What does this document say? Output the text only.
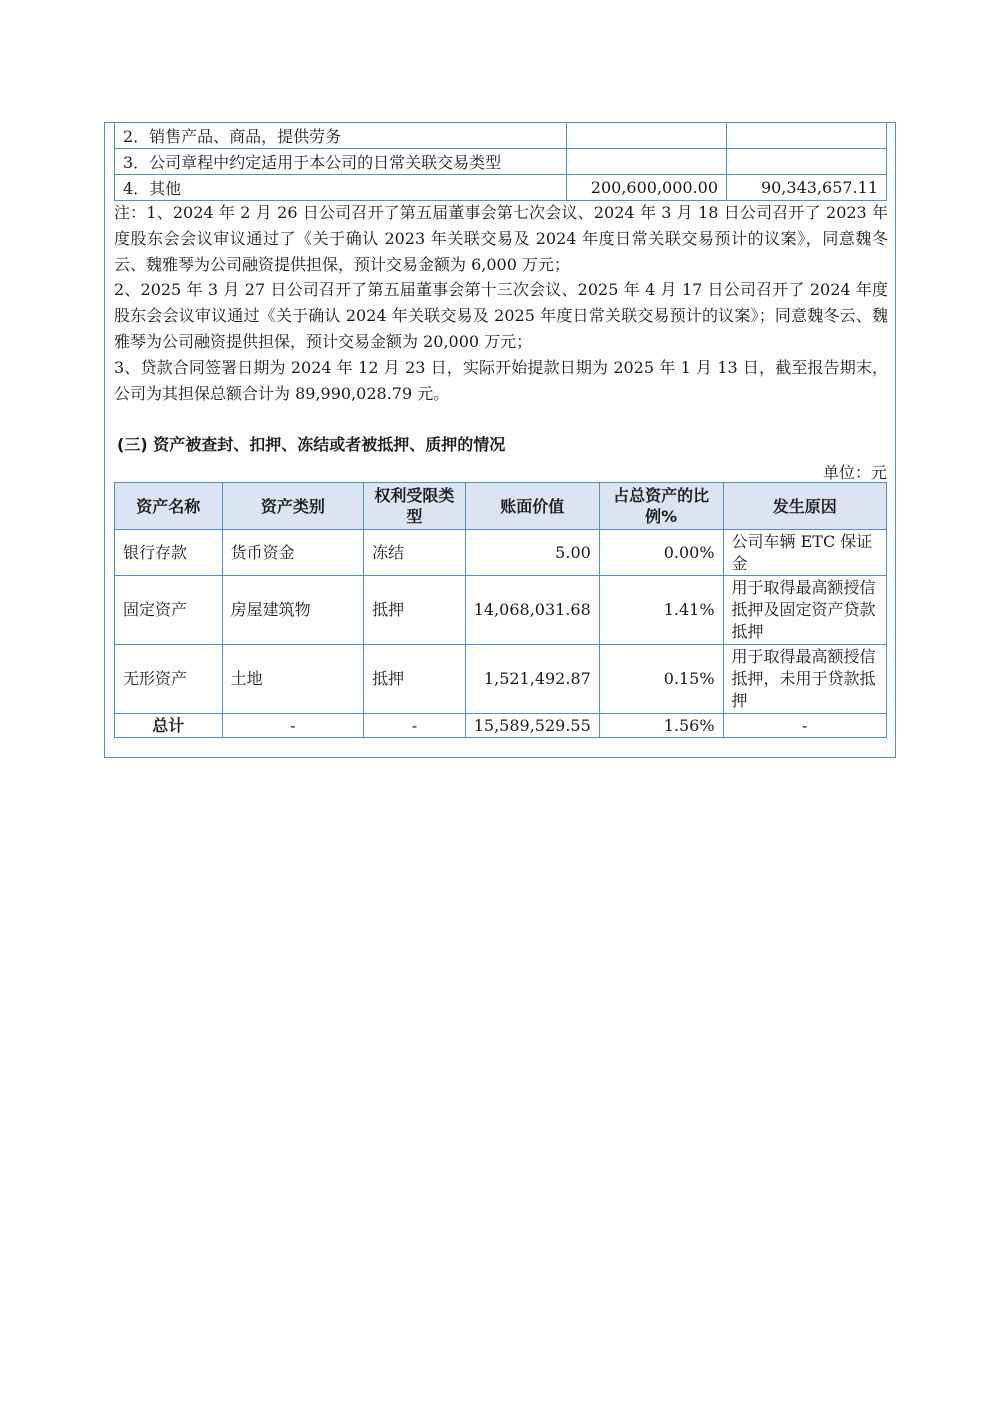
2．销售产品、商品，提供劳务		
3．公司章程中约定适用于本公司的日常关联交易类型		
4．其他	200,600,000.00	90,343,657.11

注：1、2024 年 2 月 26 日公司召开了第五届董事会第七次会议、2024 年 3 月 18 日公司召开了 2023 年度股东会会议审议通过了《关于确认 2023 年关联交易及 2024 年度日常关联交易预计的议案》，同意魏冬云、魏雅琴为公司融资提供担保，预计交易金额为 6,000 万元；

2、2025 年 3 月 27 日公司召开了第五届董事会第十三次会议、2025 年 4 月 17 日公司召开了 2024 年度股东会会议审议通过《关于确认 2024 年关联交易及 2025 年度日常关联交易预计的议案》；同意魏冬云、魏雅琴为公司融资提供担保，预计交易金额为 20,000 万元；

3、贷款合同签署日期为 2024 年 12 月 23 日，实际开始提款日期为 2025 年 1 月 13 日，截至报告期末，公司为其担保总额合计为 89,990,028.79 元。

(三) 资产被查封、扣押、冻结或者被抵押、质押的情况
单位：元
资产名称	资产类别	权利受限类型	账面价值	占总资产的比例%	发生原因
银行存款	货币资金	冻结	5.00	0.00%	公司车辆 ETC 保证金
固定资产	房屋建筑物	抵押	14,068,031.68	1.41%	用于取得最高额授信抵押及固定资产贷款抵押
无形资产	土地	抵押	1,521,492.87	0.15%	用于取得最高额授信抵押，未用于贷款抵押
总计	-	-	15,589,529.55	1.56%	-
